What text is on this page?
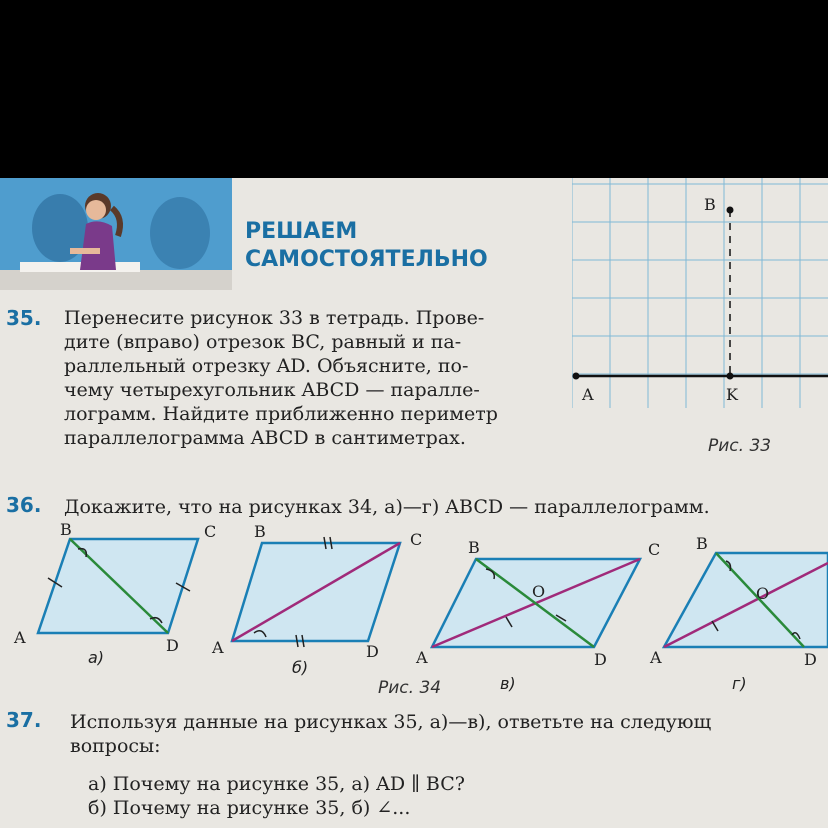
РЕШАЕМ
САМОСТОЯТЕЛЬНО
35. Перенесите рисунок 33 в тетрадь. Прове-
дите (вправо) отрезок BC, равный и па-
раллельный отрезку AD. Объясните, по-
чему четырехугольник ABCD — паралле-
лограмм. Найдите приближенно периметр
параллелограмма ABCD в сантиметрах.
A	K
B
Рис. 33
36. Докажите, что на рисунках 34, а)—г) ABCD — параллелограмм.
B	C
A	D
а)
B	C
A	D
б)
B	C
A	D
O
в)
B
A	D
O
г)
Рис. 34
37. Используя данные на рисунках 35, а)—в), ответьте на следующ
вопросы:
а) Почему на рисунке 35, а) AD ∥ BC?
б) Почему на рисунке 35, б) ∠...
